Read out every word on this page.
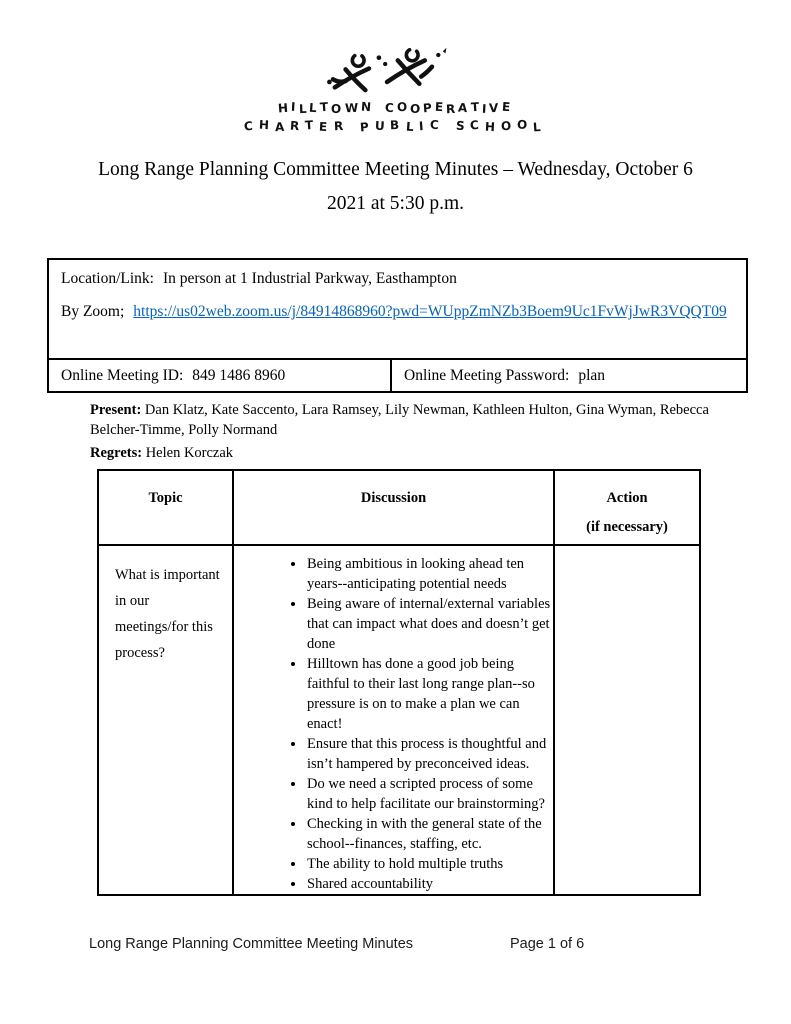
HILLTOWN COOPERATIVE
CHARTER PUBLIC SCHOOL
Long Range Planning Committee Meeting Minutes – Wednesday, October 6
2021 at 5:30 p.m.
Location/Link: In person at 1 Industrial Parkway, Easthampton
By Zoom; https://us02web.zoom.us/j/84914868960?pwd=WUppZmNZb3Boem9Uc1FvWjJwR3VQQT09

Online Meeting ID: 849 1486 8960	Online Meeting Password: plan
Present: Dan Klatz, Kate Saccento, Lara Ramsey, Lily Newman, Kathleen Hulton, Gina Wyman, Rebecca Belcher-Timme, Polly Normand
Regrets: Helen Korczak
Topic	Discussion	Action
(if necessary)

What is important in our meetings/for this process?	
• Being ambitious in looking ahead ten years--anticipating potential needs
• Being aware of internal/external variables that can impact what does and doesn’t get done
• Hilltown has done a good job being faithful to their last long range plan--so pressure is on to make a plan we can enact!
• Ensure that this process is thoughtful and isn’t hampered by preconceived ideas.
• Do we need a scripted process of some kind to help facilitate our brainstorming?
• Checking in with the general state of the school--finances, staffing, etc.
• The ability to hold multiple truths
• Shared accountability

Long Range Planning Committee Meeting Minutes	Page 1 of 6
